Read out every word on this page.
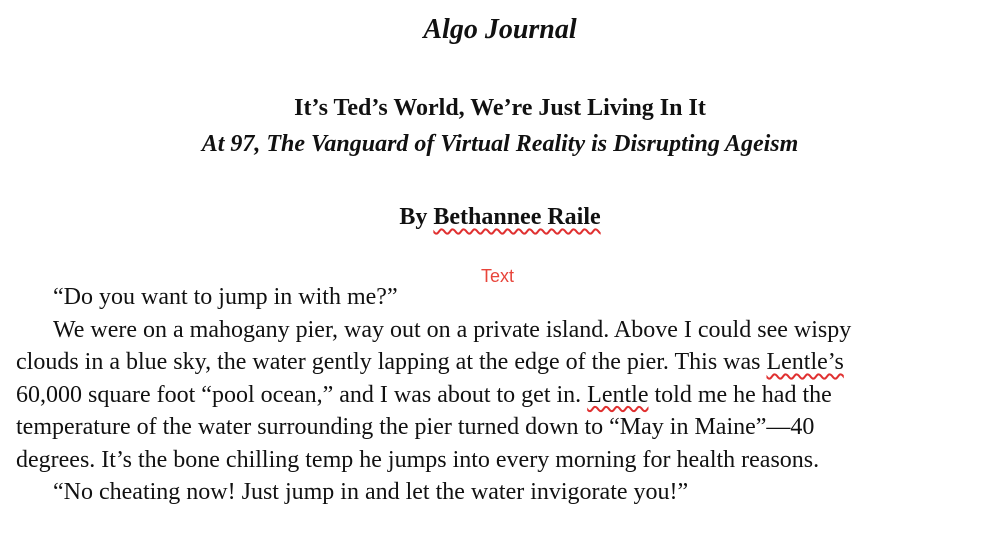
Algo Journal
It’s Ted’s World, We’re Just Living In It
At 97, The Vanguard of Virtual Reality is Disrupting Ageism
By Bethannee Raile
Text
“Do you want to jump in with me?”
We were on a mahogany pier, way out on a private island. Above I could see wispy
clouds in a blue sky, the water gently lapping at the edge of the pier. This was Lentle’s
60,000 square foot “pool ocean,” and I was about to get in. Lentle told me he had the
temperature of the water surrounding the pier turned down to “May in Maine”—40
degrees. It’s the bone chilling temp he jumps into every morning for health reasons.
“No cheating now! Just jump in and let the water invigorate you!”
